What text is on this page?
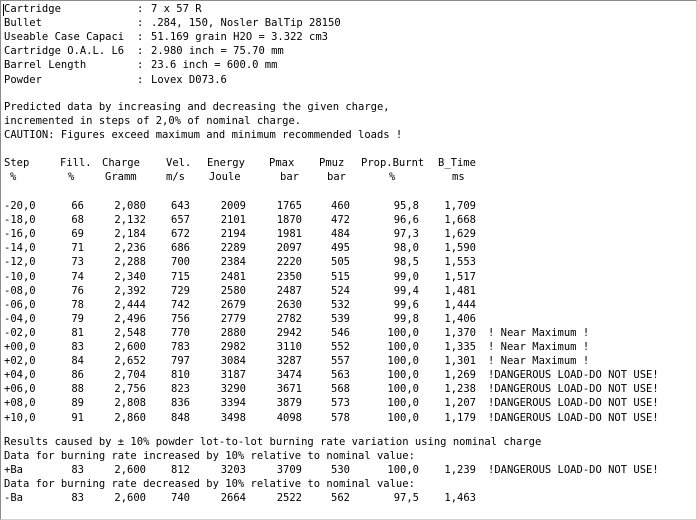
Cartridge	: 7 x 57 R
Bullet	: .284, 150, Nosler BalTip 28150
Useable Case Capaci : 51.169 grain H2O = 3.322 cm3
Cartridge O.A.L. L6 : 2.980 inch = 75.70 mm
Barrel Length	: 23.6 inch = 600.0 mm
Powder	: Lovex D073.6
Predicted data by increasing and decreasing the given charge,
incremented in steps of 2,0% of nominal charge.
CAUTION: Figures exceed maximum and minimum recommended loads !
Step	Fill. Charge	Vel.	Energy	Pmax	Pmuz	Prop.Burnt	B_Time
%	%	Gramm	m/s	Joule	bar	bar	%	ms
-20,0	66	2,080	643	2009	1765	460	95,8	1,709
-18,0	68	2,132	657	2101	1870	472	96,6	1,668
-16,0	69	2,184	672	2194	1981	484	97,3	1,629
-14,0	71	2,236	686	2289	2097	495	98,0	1,590
-12,0	73	2,288	700	2384	2220	505	98,5	1,553
-10,0	74	2,340	715	2481	2350	515	99,0	1,517
-08,0	76	2,392	729	2580	2487	524	99,4	1,481
-06,0	78	2,444	742	2679	2630	532	99,6	1,444
-04,0	79	2,496	756	2779	2782	539	99,8	1,406
-02,0	81	2,548	770	2880	2942	546	100,0	1,370 ! Near Maximum !
+00,0	83	2,600	783	2982	3110	552	100,0	1,335 ! Near Maximum !
+02,0	84	2,652	797	3084	3287	557	100,0	1,301 ! Near Maximum !
+04,0	86	2,704	810	3187	3474	563	100,0	1,269 !DANGEROUS LOAD-DO NOT USE!
+06,0	88	2,756	823	3290	3671	568	100,0	1,238 !DANGEROUS LOAD-DO NOT USE!
+08,0	89	2,808	836	3394	3879	573	100,0	1,207 !DANGEROUS LOAD-DO NOT USE!
+10,0	91	2,860	848	3498	4098	578	100,0	1,179 !DANGEROUS LOAD-DO NOT USE!
Results caused by ± 10% powder lot-to-lot burning rate variation using nominal charge
Data for burning rate increased by 10% relative to nominal value:
+Ba	83	2,600	812	3203	3709	530	100,0	1,239 !DANGEROUS LOAD-DO NOT USE!
Data for burning rate decreased by 10% relative to nominal value:
-Ba	83	2,600	740	2664	2522	562	97,5	1,463
